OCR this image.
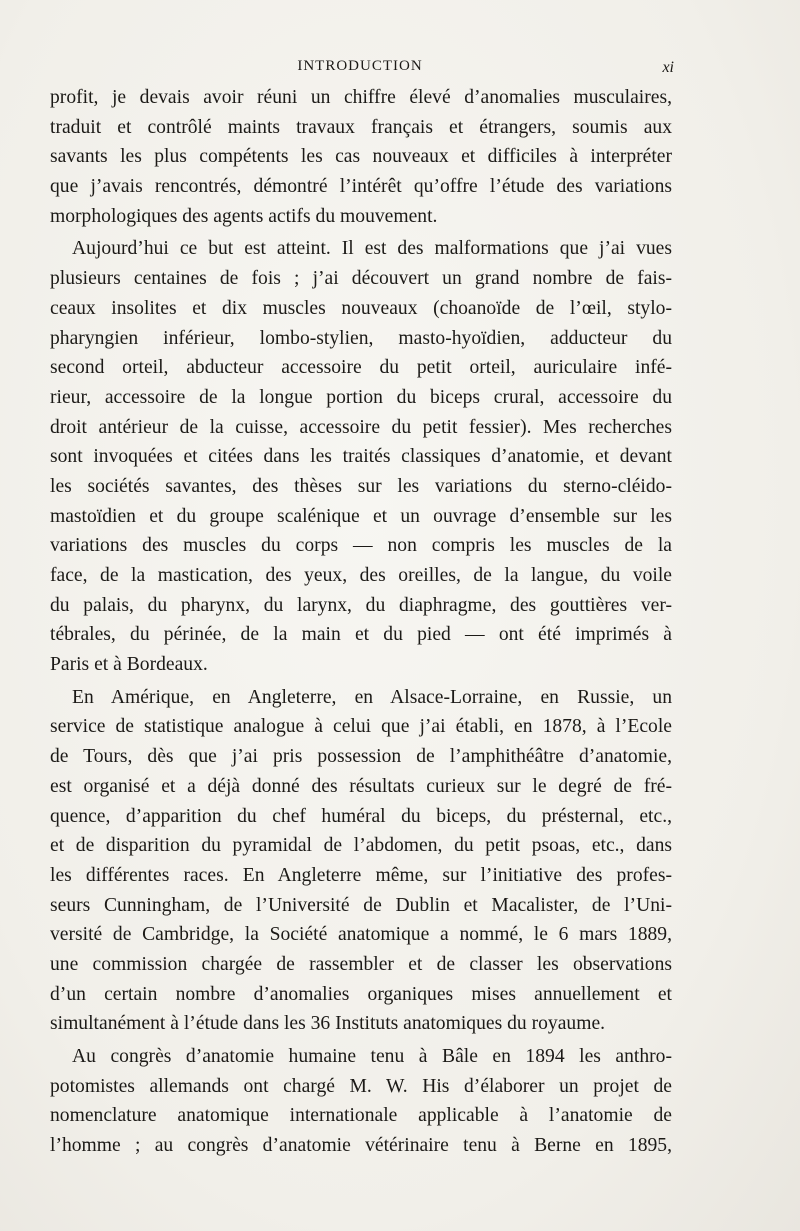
INTRODUCTION	xi
profit, je devais avoir réuni un chiffre élevé d’anomalies musculaires,
traduit et contrôlé maints travaux français et étrangers, soumis aux
savants les plus compétents les cas nouveaux et difficiles à interpréter
que j’avais rencontrés, démontré l’intérêt qu’offre l’étude des variations
morphologiques des agents actifs du mouvement.
Aujourd’hui ce but est atteint. Il est des malformations que j’ai vues
plusieurs centaines de fois ; j’ai découvert un grand nombre de fais-
ceaux insolites et dix muscles nouveaux (choanoïde de l’œil, stylo-
pharyngien inférieur, lombo-stylien, masto-hyoïdien, adducteur du
second orteil, abducteur accessoire du petit orteil, auriculaire infé-
rieur, accessoire de la longue portion du biceps crural, accessoire du
droit antérieur de la cuisse, accessoire du petit fessier). Mes recherches
sont invoquées et citées dans les traités classiques d’anatomie, et devant
les sociétés savantes, des thèses sur les variations du sterno-cléido-
mastoïdien et du groupe scalénique et un ouvrage d’ensemble sur les
variations des muscles du corps — non compris les muscles de la
face, de la mastication, des yeux, des oreilles, de la langue, du voile
du palais, du pharynx, du larynx, du diaphragme, des gouttières ver-
tébrales, du périnée, de la main et du pied — ont été imprimés à
Paris et à Bordeaux.
En Amérique, en Angleterre, en Alsace-Lorraine, en Russie, un
service de statistique analogue à celui que j’ai établi, en 1878, à l’Ecole
de Tours, dès que j’ai pris possession de l’amphithéâtre d’anatomie,
est organisé et a déjà donné des résultats curieux sur le degré de fré-
quence, d’apparition du chef huméral du biceps, du présternal, etc.,
et de disparition du pyramidal de l’abdomen, du petit psoas, etc., dans
les différentes races. En Angleterre même, sur l’initiative des profes-
seurs Cunningham, de l’Université de Dublin et Macalister, de l’Uni-
versité de Cambridge, la Société anatomique a nommé, le 6 mars 1889,
une commission chargée de rassembler et de classer les observations
d’un certain nombre d’anomalies organiques mises annuellement et
simultanément à l’étude dans les 36 Instituts anatomiques du royaume.
Au congrès d’anatomie humaine tenu à Bâle en 1894 les anthro-
potomistes allemands ont chargé M. W. His d’élaborer un projet de
nomenclature anatomique internationale applicable à l’anatomie de
l’homme ; au congrès d’anatomie vétérinaire tenu à Berne en 1895,
